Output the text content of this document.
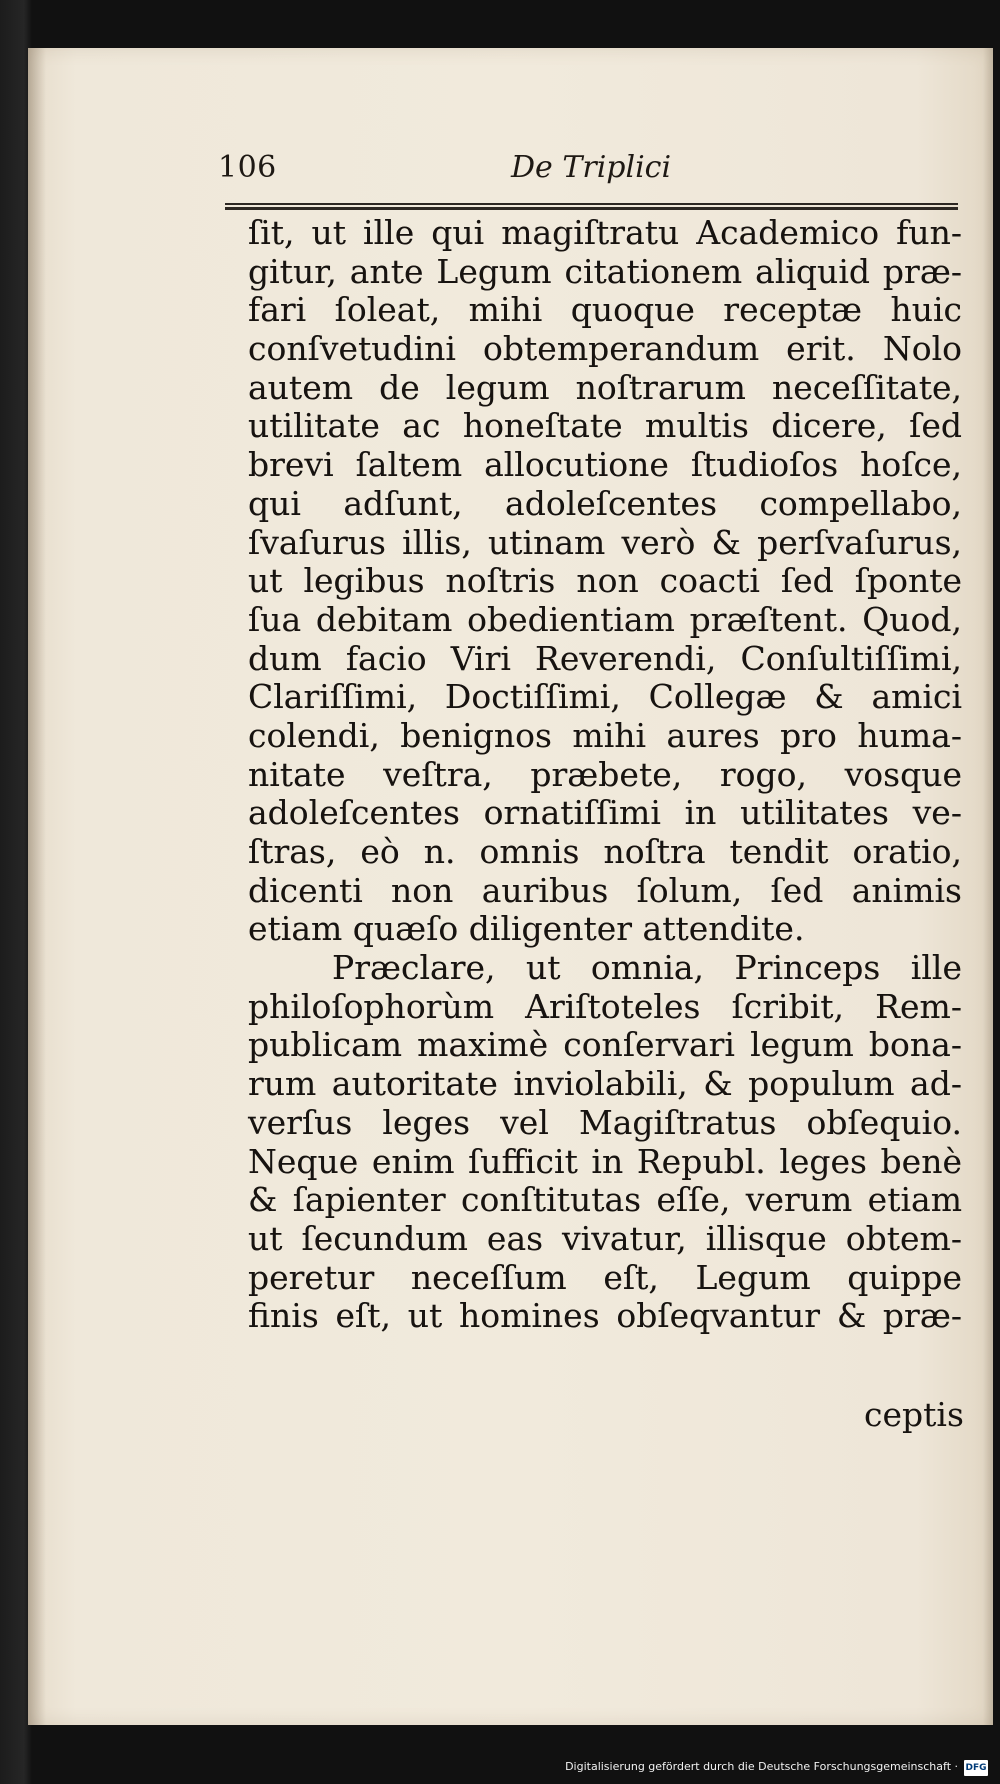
106	De Triplici
ſit, ut ille qui magiſtratu Academico fun-
gitur, ante Legum citationem aliquid præ-
fari ſoleat, mihi quoque receptæ huic
conſvetudini obtemperandum erit. Nolo
autem de legum noſtrarum neceſſitate,
utilitate ac honeſtate multis dicere, ſed
brevi ſaltem allocutione ſtudioſos hoſce,
qui adſunt, adoleſcentes compellabo,
ſvaſurus illis, utinam verò & perſvaſurus,
ut legibus noſtris non coacti ſed ſponte
ſua debitam obedientiam præſtent. Quod,
dum facio Viri Reverendi, Conſultiſſimi,
Clariſſimi, Doctiſſimi, Collegæ & amici
colendi, benignos mihi aures pro huma-
nitate veſtra, præbete, rogo, vosque
adoleſcentes ornatiſſimi in utilitates ve-
ſtras, eò n. omnis noſtra tendit oratio,
dicenti non auribus ſolum, ſed animis
etiam quæſo diligenter attendite.
Præclare, ut omnia, Princeps ille
philoſophorùm Ariſtoteles ſcribit, Rem-
publicam maximè conſervari legum bona-
rum autoritate inviolabili, & populum ad-
verſus leges vel Magiſtratus obſequio.
Neque enim ſufficit in Republ. leges benè
& ſapienter conſtitutas eſſe, verum etiam
ut ſecundum eas vivatur, illisque obtem-
peretur neceſſum eſt, Legum quippe
finis eſt, ut homines obſeqvantur & præ-
ceptis
Digitalisierung gefördert durch die Deutsche Forschungsgemeinschaft · DFG
